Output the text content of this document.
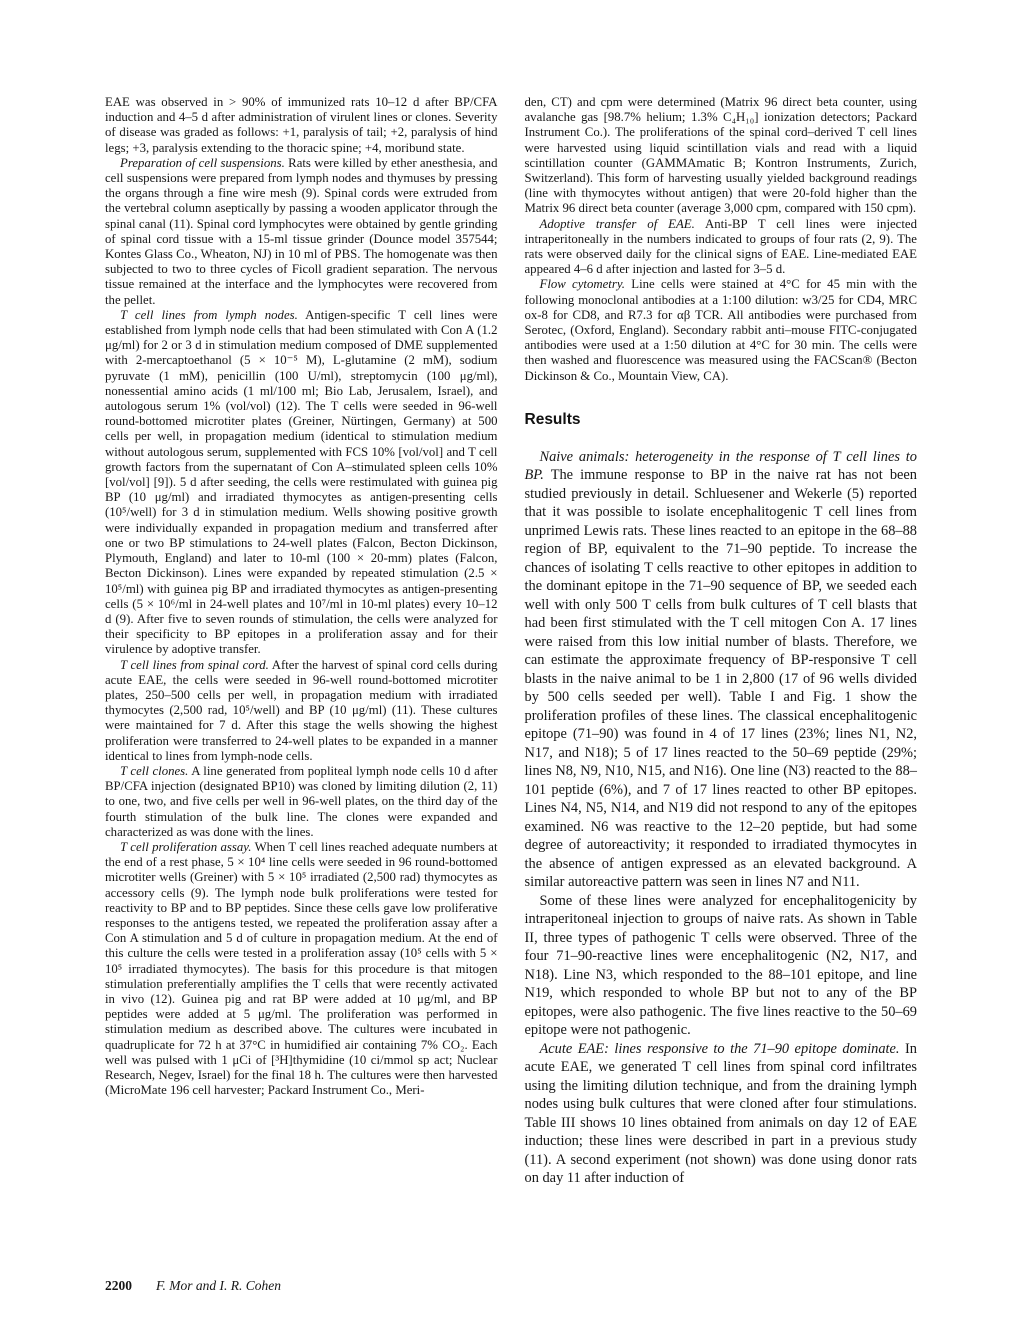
EAE was observed in > 90% of immunized rats 10–12 d after BP/CFA induction and 4–5 d after administration of virulent lines or clones. Severity of disease was graded as follows: +1, paralysis of tail; +2, paralysis of hind legs; +3, paralysis extending to the thoracic spine; +4, moribund state.

Preparation of cell suspensions. Rats were killed by ether anesthesia, and cell suspensions were prepared from lymph nodes and thymuses by pressing the organs through a fine wire mesh (9). Spinal cords were extruded from the vertebral column aseptically by passing a wooden applicator through the spinal canal (11). Spinal cord lymphocytes were obtained by gentle grinding of spinal cord tissue with a 15-ml tissue grinder (Dounce model 357544; Kontes Glass Co., Wheaton, NJ) in 10 ml of PBS. The homogenate was then subjected to two to three cycles of Ficoll gradient separation. The nervous tissue remained at the interface and the lymphocytes were recovered from the pellet.

T cell lines from lymph nodes. Antigen-specific T cell lines were established from lymph node cells that had been stimulated with Con A (1.2 μg/ml) for 2 or 3 d in stimulation medium composed of DME supplemented with 2-mercaptoethanol (5 × 10⁻⁵ M), L-glutamine (2 mM), sodium pyruvate (1 mM), penicillin (100 U/ml), streptomycin (100 μg/ml), nonessential amino acids (1 ml/100 ml; Bio Lab, Jerusalem, Israel), and autologous serum 1% (vol/vol) (12). The T cells were seeded in 96-well round-bottomed microtiter plates (Greiner, Nürtingen, Germany) at 500 cells per well, in propagation medium (identical to stimulation medium without autologous serum, supplemented with FCS 10% [vol/vol] and T cell growth factors from the supernatant of Con A–stimulated spleen cells 10% [vol/vol] [9]). 5 d after seeding, the cells were restimulated with guinea pig BP (10 μg/ml) and irradiated thymocytes as antigen-presenting cells (10⁵/well) for 3 d in stimulation medium. Wells showing positive growth were individually expanded in propagation medium and transferred after one or two BP stimulations to 24-well plates (Falcon, Becton Dickinson, Plymouth, England) and later to 10-ml (100 × 20-mm) plates (Falcon, Becton Dickinson). Lines were expanded by repeated stimulation (2.5 × 10⁵/ml) with guinea pig BP and irradiated thymocytes as antigen-presenting cells (5 × 10⁶/ml in 24-well plates and 10⁷/ml in 10-ml plates) every 10–12 d (9). After five to seven rounds of stimulation, the cells were analyzed for their specificity to BP epitopes in a proliferation assay and for their virulence by adoptive transfer.

T cell lines from spinal cord. After the harvest of spinal cord cells during acute EAE, the cells were seeded in 96-well round-bottomed microtiter plates, 250–500 cells per well, in propagation medium with irradiated thymocytes (2,500 rad, 10⁵/well) and BP (10 μg/ml) (11). These cultures were maintained for 7 d. After this stage the wells showing the highest proliferation were transferred to 24-well plates to be expanded in a manner identical to lines from lymph-node cells.

T cell clones. A line generated from popliteal lymph node cells 10 d after BP/CFA injection (designated BP10) was cloned by limiting dilution (2, 11) to one, two, and five cells per well in 96-well plates, on the third day of the fourth stimulation of the bulk line. The clones were expanded and characterized as was done with the lines.

T cell proliferation assay. When T cell lines reached adequate numbers at the end of a rest phase, 5 × 10⁴ line cells were seeded in 96 round-bottomed microtiter wells (Greiner) with 5 × 10⁵ irradiated (2,500 rad) thymocytes as accessory cells (9). The lymph node bulk proliferations were tested for reactivity to BP and to BP peptides. Since these cells gave low proliferative responses to the antigens tested, we repeated the proliferation assay after a Con A stimulation and 5 d of culture in propagation medium. At the end of this culture the cells were tested in a proliferation assay (10⁵ cells with 5 × 10⁵ irradiated thymocytes). The basis for this procedure is that mitogen stimulation preferentially amplifies the T cells that were recently activated in vivo (12). Guinea pig and rat BP were added at 10 μg/ml, and BP peptides were added at 5 μg/ml. The proliferation was performed in stimulation medium as described above. The cultures were incubated in quadruplicate for 72 h at 37°C in humidified air containing 7% CO₂. Each well was pulsed with 1 μCi of [³H]thymidine (10 ci/mmol sp act; Nuclear Research, Negev, Israel) for the final 18 h. The cultures were then harvested (MicroMate 196 cell harvester; Packard Instrument Co., Meri-

den, CT) and cpm were determined (Matrix 96 direct beta counter, using avalanche gas [98.7% helium; 1.3% C₄H₁₀] ionization detectors; Packard Instrument Co.). The proliferations of the spinal cord–derived T cell lines were harvested using liquid scintillation vials and read with a liquid scintillation counter (GAMMAmatic B; Kontron Instruments, Zurich, Switzerland). This form of harvesting usually yielded background readings (line with thymocytes without antigen) that were 20-fold higher than the Matrix 96 direct beta counter (average 3,000 cpm, compared with 150 cpm).

Adoptive transfer of EAE. Anti-BP T cell lines were injected intraperitoneally in the numbers indicated to groups of four rats (2, 9). The rats were observed daily for the clinical signs of EAE. Line-mediated EAE appeared 4–6 d after injection and lasted for 3–5 d.

Flow cytometry. Line cells were stained at 4°C for 45 min with the following monoclonal antibodies at a 1:100 dilution: w3/25 for CD4, MRC ox-8 for CD8, and R7.3 for αβ TCR. All antibodies were purchased from Serotec, (Oxford, England). Secondary rabbit anti–mouse FITC-conjugated antibodies were used at a 1:50 dilution at 4°C for 30 min. The cells were then washed and fluorescence was measured using the FACScan® (Becton Dickinson & Co., Mountain View, CA).

Results

Naive animals: heterogeneity in the response of T cell lines to BP. The immune response to BP in the naive rat has not been studied previously in detail. Schluesener and Wekerle (5) reported that it was possible to isolate encephalitogenic T cell lines from unprimed Lewis rats. These lines reacted to an epitope in the 68–88 region of BP, equivalent to the 71–90 peptide. To increase the chances of isolating T cells reactive to other epitopes in addition to the dominant epitope in the 71–90 sequence of BP, we seeded each well with only 500 T cells from bulk cultures of T cell blasts that had been first stimulated with the T cell mitogen Con A. 17 lines were raised from this low initial number of blasts. Therefore, we can estimate the approximate frequency of BP-responsive T cell blasts in the naive animal to be 1 in 2,800 (17 of 96 wells divided by 500 cells seeded per well). Table I and Fig. 1 show the proliferation profiles of these lines. The classical encephalitogenic epitope (71–90) was found in 4 of 17 lines (23%; lines N1, N2, N17, and N18); 5 of 17 lines reacted to the 50–69 peptide (29%; lines N8, N9, N10, N15, and N16). One line (N3) reacted to the 88–101 peptide (6%), and 7 of 17 lines reacted to other BP epitopes. Lines N4, N5, N14, and N19 did not respond to any of the epitopes examined. N6 was reactive to the 12–20 peptide, but had some degree of autoreactivity; it responded to irradiated thymocytes in the absence of antigen expressed as an elevated background. A similar autoreactive pattern was seen in lines N7 and N11.

Some of these lines were analyzed for encephalitogenicity by intraperitoneal injection to groups of naive rats. As shown in Table II, three types of pathogenic T cells were observed. Three of the four 71–90-reactive lines were encephalitogenic (N2, N17, and N18). Line N3, which responded to the 88–101 epitope, and line N19, which responded to whole BP but not to any of the BP epitopes, were also pathogenic. The five lines reactive to the 50–69 epitope were not pathogenic.

Acute EAE: lines responsive to the 71–90 epitope dominate. In acute EAE, we generated T cell lines from spinal cord infiltrates using the limiting dilution technique, and from the draining lymph nodes using bulk cultures that were cloned after four stimulations. Table III shows 10 lines obtained from animals on day 12 of EAE induction; these lines were described in part in a previous study (11). A second experiment (not shown) was done using donor rats on day 11 after induction of

2200 F. Mor and I. R. Cohen
